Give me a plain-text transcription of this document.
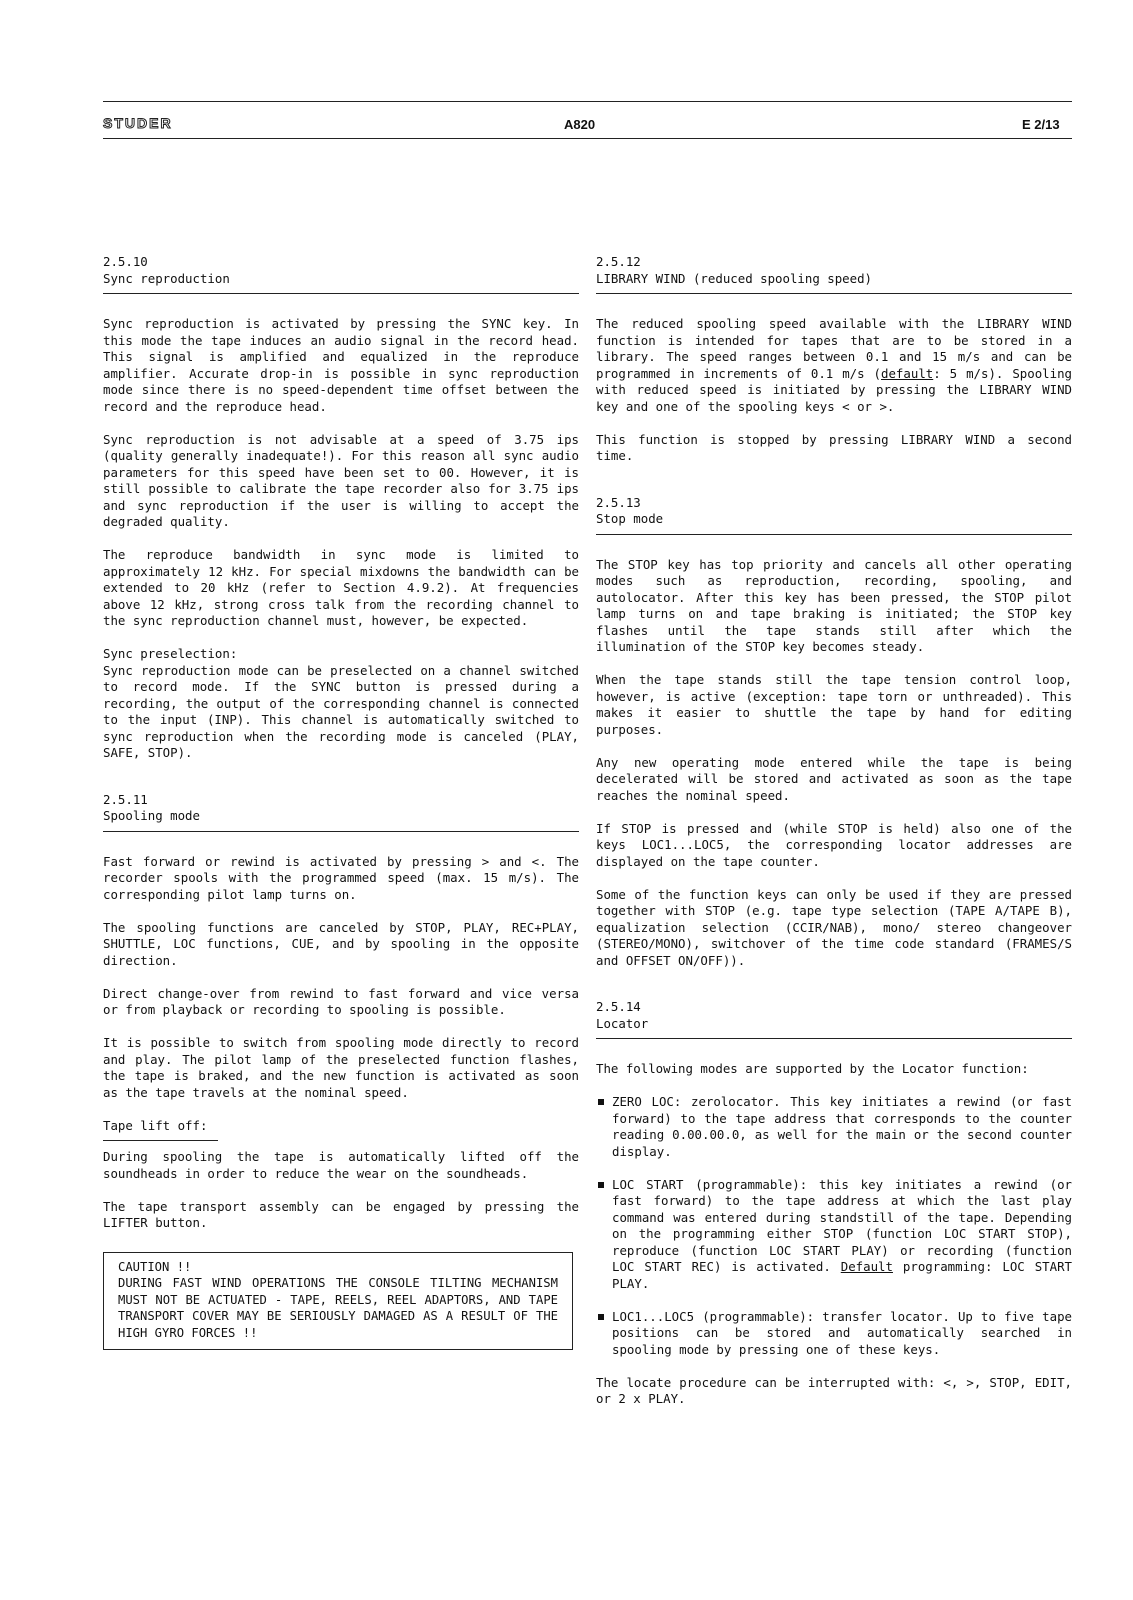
STUDER	A820	E 2/13
2.5.10
Sync reproduction

Sync reproduction is activated by pressing the SYNC key. In this mode the tape induces an audio signal in the record head. This signal is amplified and equalized in the reproduce amplifier. Accurate drop-in is possible in sync reproduction mode since there is no speed-dependent time offset between the record and the reproduce head.

Sync reproduction is not advisable at a speed of 3.75 ips (quality generally inadequate!). For this reason all sync audio parameters for this speed have been set to 00. However, it is still possible to calibrate the tape recorder also for 3.75 ips and sync reproduction if the user is willing to accept the degraded quality.

The reproduce bandwidth in sync mode is limited to approximately 12 kHz. For special mixdowns the bandwidth can be extended to 20 kHz (refer to Section 4.9.2). At frequencies above 12 kHz, strong cross talk from the recording channel to the sync reproduction channel must, however, be expected.

Sync preselection:

Sync reproduction mode can be preselected on a channel switched to record mode. If the SYNC button is pressed during a recording, the output of the corresponding channel is connected to the input (INP). This channel is automatically switched to sync reproduction when the recording mode is canceled (PLAY, SAFE, STOP).

2.5.11
Spooling mode

Fast forward or rewind is activated by pressing > and <. The recorder spools with the programmed speed (max. 15 m/s). The corresponding pilot lamp turns on.

The spooling functions are canceled by STOP, PLAY, REC+PLAY, SHUTTLE, LOC functions, CUE, and by spooling in the opposite direction.

Direct change-over from rewind to fast forward and vice versa or from playback or recording to spooling is possible.

It is possible to switch from spooling mode directly to record and play. The pilot lamp of the preselected function flashes, the tape is braked, and the new function is activated as soon as the tape travels at the nominal speed.

Tape lift off:

During spooling the tape is automatically lifted off the soundheads in order to reduce the wear on the soundheads.

The tape transport assembly can be engaged by pressing the LIFTER button.

CAUTION !!
DURING FAST WIND OPERATIONS THE CONSOLE TILTING MECHANISM MUST NOT BE ACTUATED - TAPE, REELS, REEL ADAPTORS, AND TAPE TRANSPORT COVER MAY BE SERIOUSLY DAMAGED AS A RESULT OF THE HIGH GYRO FORCES !!
2.5.12
LIBRARY WIND (reduced spooling speed)

The reduced spooling speed available with the LIBRARY WIND function is intended for tapes that are to be stored in a library. The speed ranges between 0.1 and 15 m/s and can be programmed in increments of 0.1 m/s (default: 5 m/s). Spooling with reduced speed is initiated by pressing the LIBRARY WIND key and one of the spooling keys < or >.

This function is stopped by pressing LIBRARY WIND a second time.

2.5.13
Stop mode

The STOP key has top priority and cancels all other operating modes such as reproduction, recording, spooling, and autolocator. After this key has been pressed, the STOP pilot lamp turns on and tape braking is initiated; the STOP key flashes until the tape stands still after which the illumination of the STOP key becomes steady.

When the tape stands still the tape tension control loop, however, is active (exception: tape torn or unthreaded). This makes it easier to shuttle the tape by hand for editing purposes.

Any new operating mode entered while the tape is being decelerated will be stored and activated as soon as the tape reaches the nominal speed.

If STOP is pressed and (while STOP is held) also one of the keys LOC1...LOC5, the corresponding locator addresses are displayed on the tape counter.

Some of the function keys can only be used if they are pressed together with STOP (e.g. tape type selection (TAPE A/TAPE B), equalization selection (CCIR/NAB), mono/ stereo changeover (STEREO/MONO), switchover of the time code standard (FRAMES/S and OFFSET ON/OFF)).

2.5.14
Locator

The following modes are supported by the Locator function:

ZERO LOC: zerolocator. This key initiates a rewind (or fast forward) to the tape address that corresponds to the counter reading 0.00.00.0, as well for the main or the second counter display.
LOC START (programmable): this key initiates a rewind (or fast forward) to the tape address at which the last play command was entered during standstill of the tape. Depending on the programming either STOP (function LOC START STOP), reproduce (function LOC START PLAY) or recording (function LOC START REC) is activated. Default programming: LOC START PLAY.
LOC1...LOC5 (programmable): transfer locator. Up to five tape positions can be stored and automatically searched in spooling mode by pressing one of these keys.

The locate procedure can be interrupted with: <, >, STOP, EDIT, or 2 x PLAY.
